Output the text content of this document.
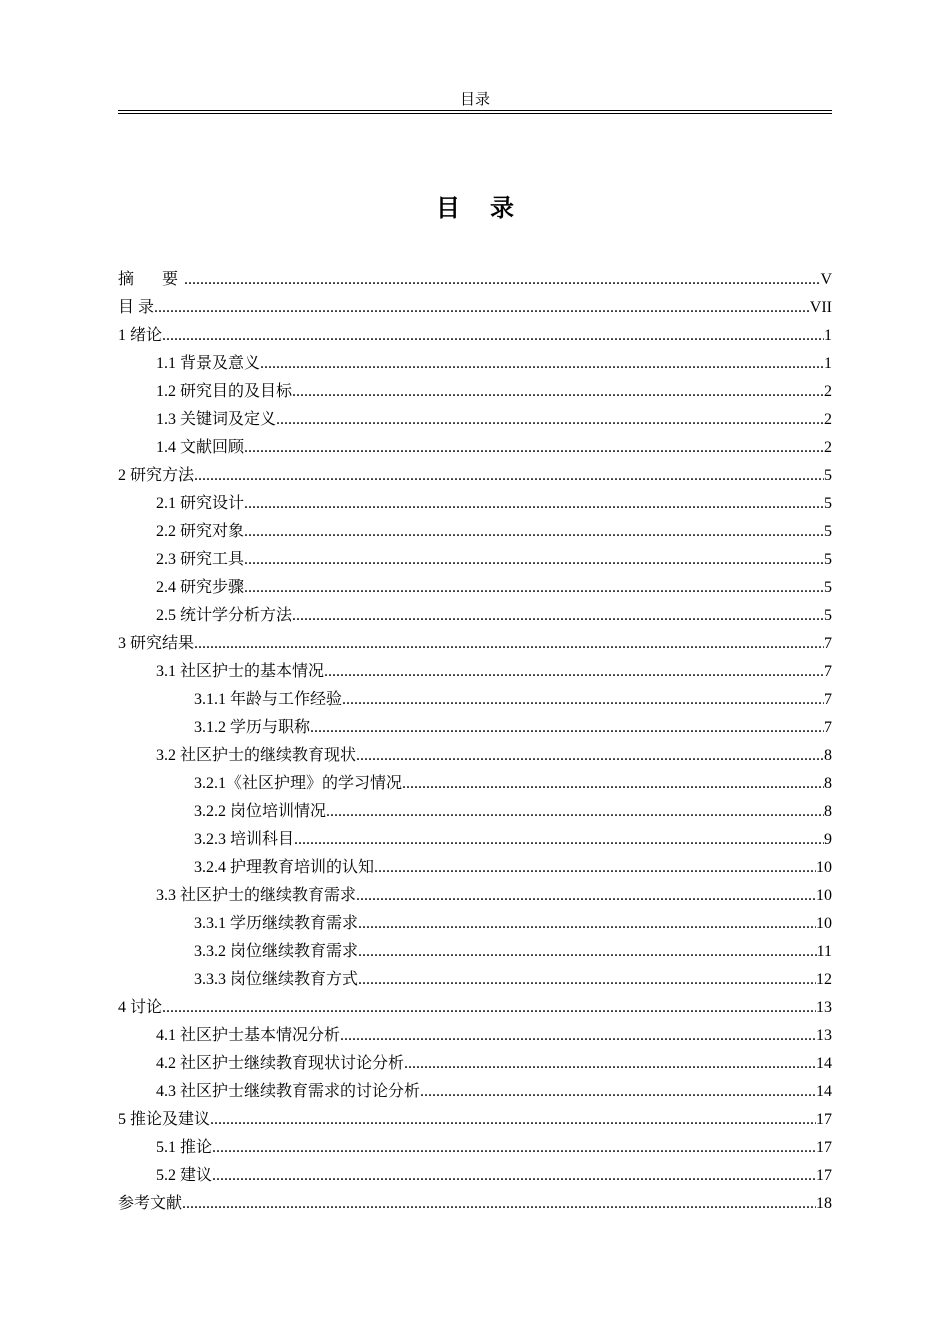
目录
目 录
摘　要 .....	V
目 录 .....	VII
1 绪论 .....	1
1.1 背景及意义 .....	1
1.2 研究目的及目标 .....	2
1.3 关键词及定义 .....	2
1.4 文献回顾 .....	2
2 研究方法 .....	5
2.1 研究设计 .....	5
2.2 研究对象 .....	5
2.3 研究工具 .....	5
2.4 研究步骤 .....	5
2.5 统计学分析方法 .....	5
3 研究结果 .....	7
3.1 社区护士的基本情况 .....	7
3.1.1 年龄与工作经验 .....	7
3.1.2 学历与职称 .....	7
3.2 社区护士的继续教育现状 .....	8
3.2.1《社区护理》的学习情况 .....	8
3.2.2 岗位培训情况 .....	8
3.2.3 培训科目 .....	9
3.2.4 护理教育培训的认知 .....	10
3.3 社区护士的继续教育需求 .....	10
3.3.1 学历继续教育需求 .....	10
3.3.2 岗位继续教育需求 .....	11
3.3.3 岗位继续教育方式 .....	12
4 讨论 .....	13
4.1 社区护士基本情况分析 .....	13
4.2 社区护士继续教育现状讨论分析 .....	14
4.3 社区护士继续教育需求的讨论分析 .....	14
5 推论及建议 .....	17
5.1 推论 .....	17
5.2 建议 .....	17
参考文献 .....	18
